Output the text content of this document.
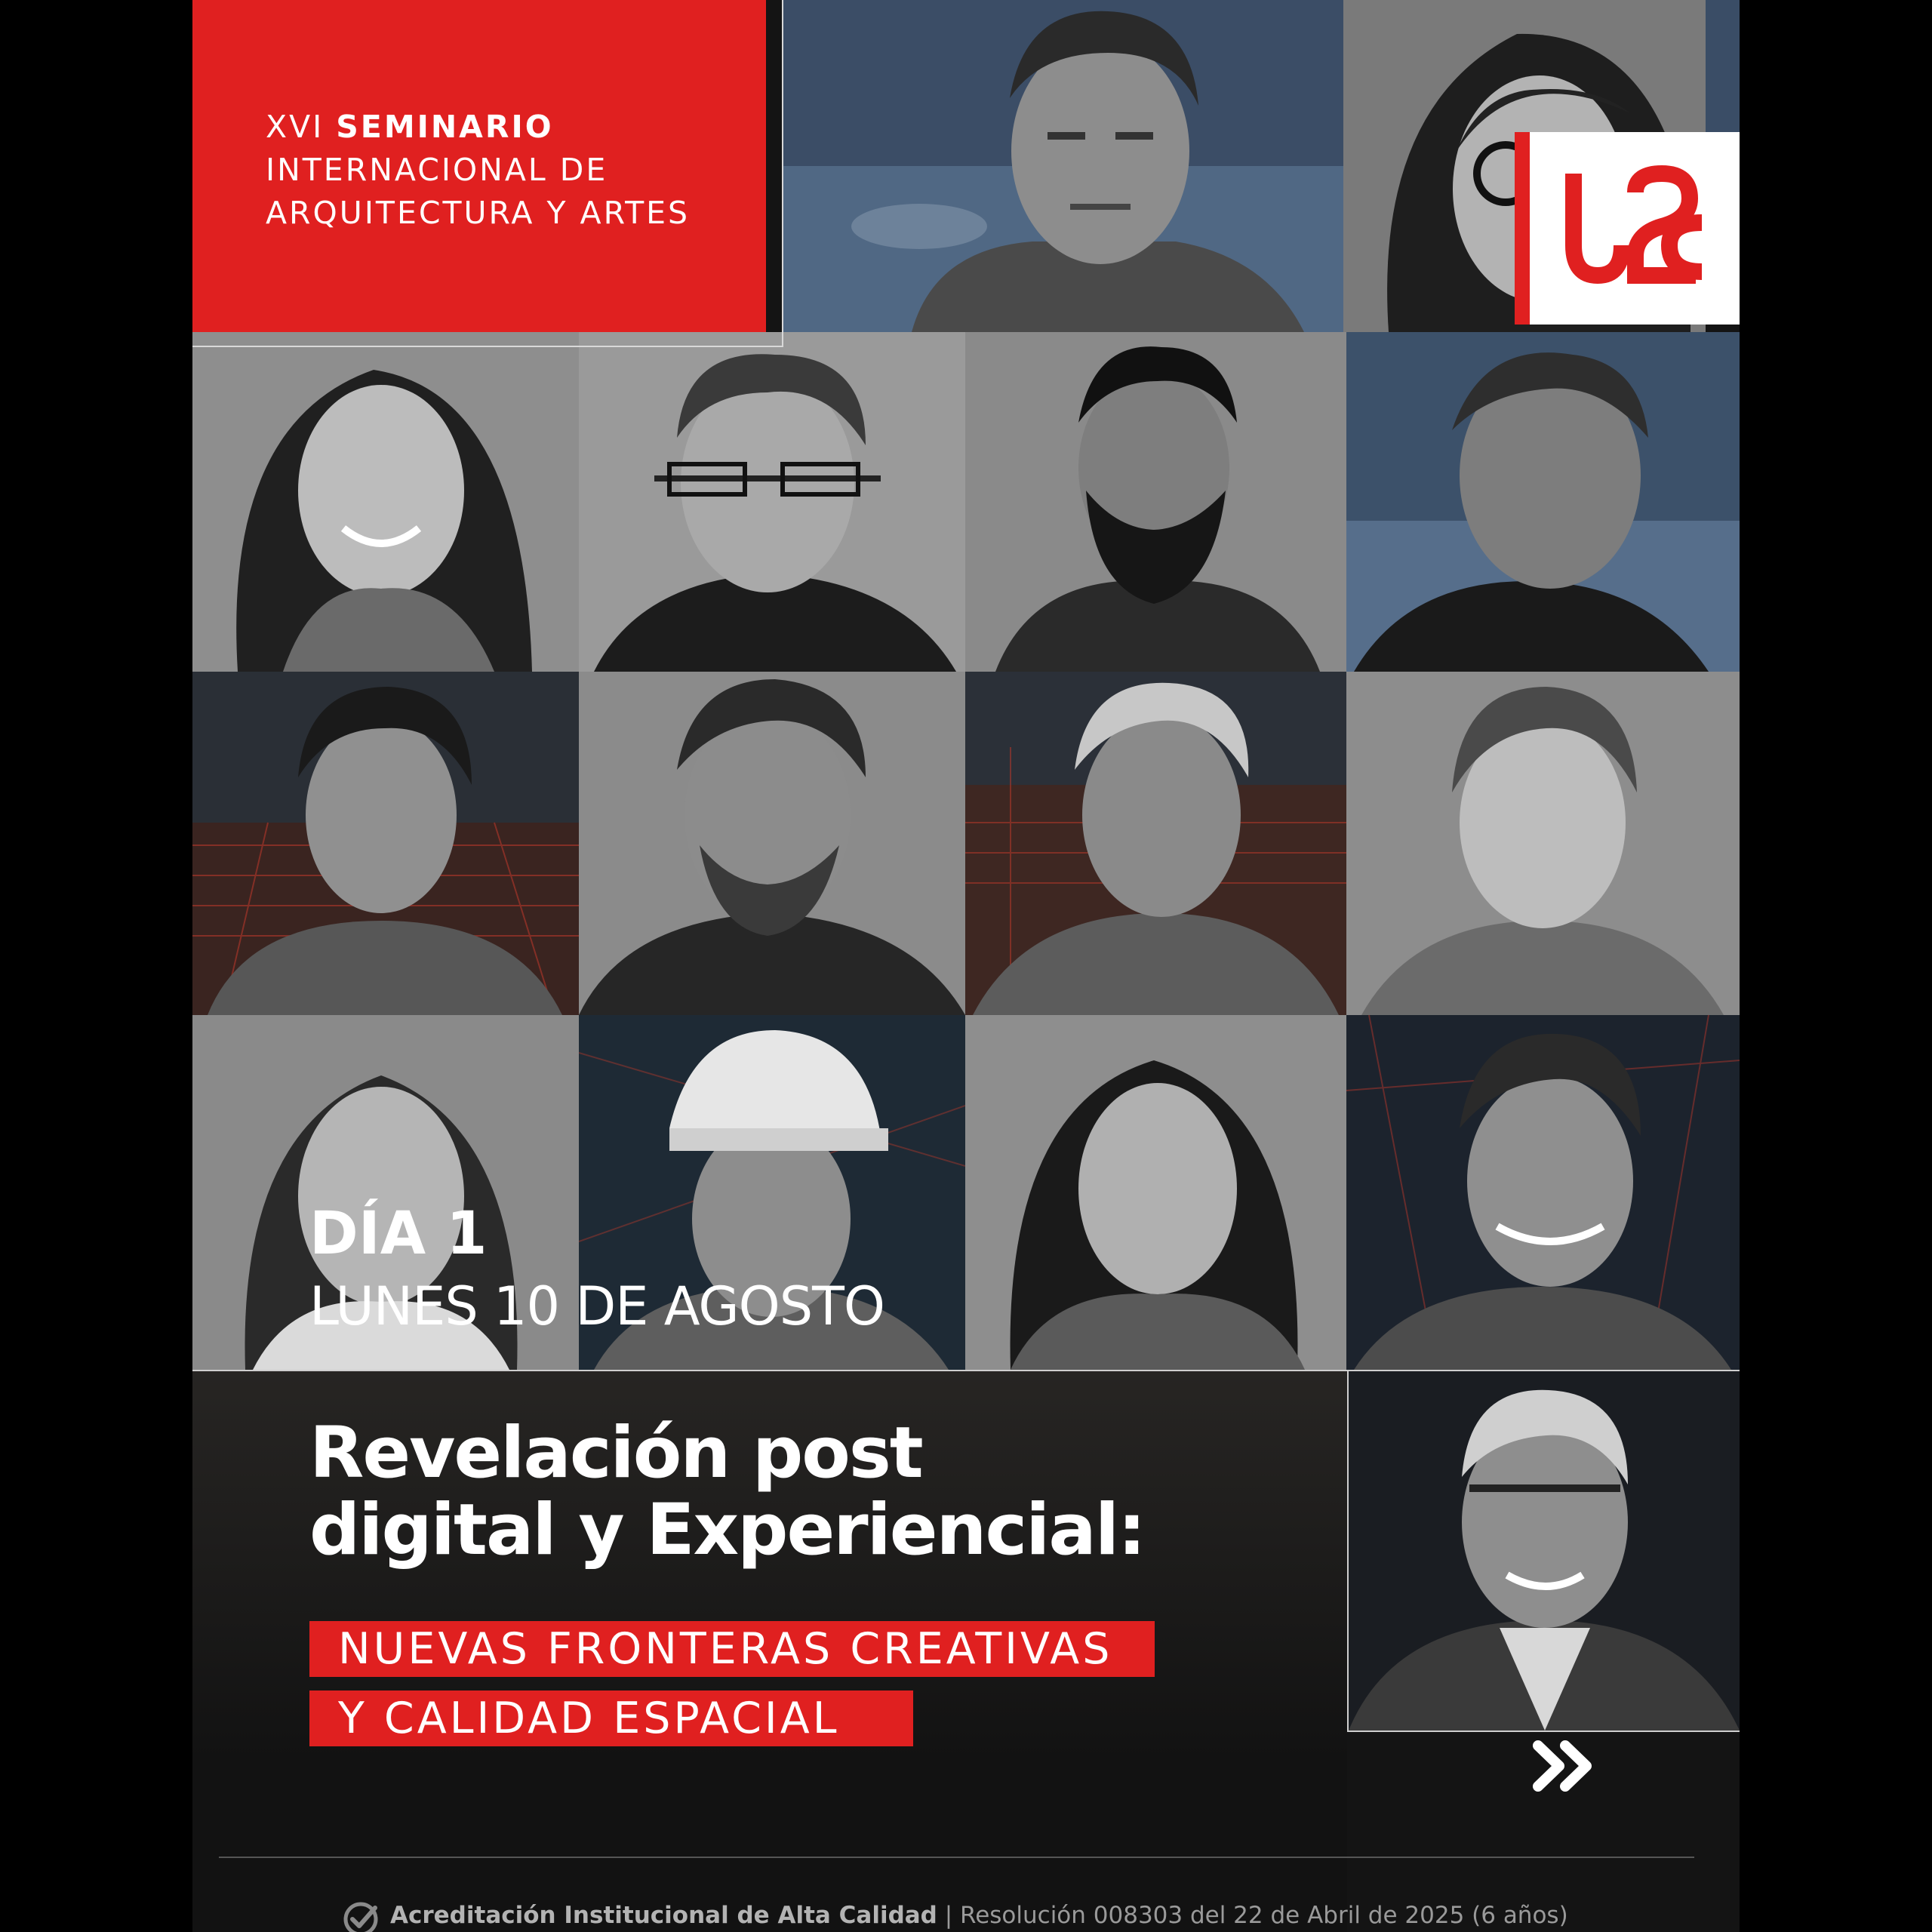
XVI SEMINARIO
INTERNACIONAL DE
ARQUITECTURA Y ARTES
DÍA 1
LUNES 10 DE AGOSTO
Revelación post
digital y Experiencial:
NUEVAS FRONTERAS CREATIVAS
Y CALIDAD ESPACIAL
Acreditación Institucional de Alta Calidad | Resolución 008303 del 22 de Abril de 2025 (6 años)
